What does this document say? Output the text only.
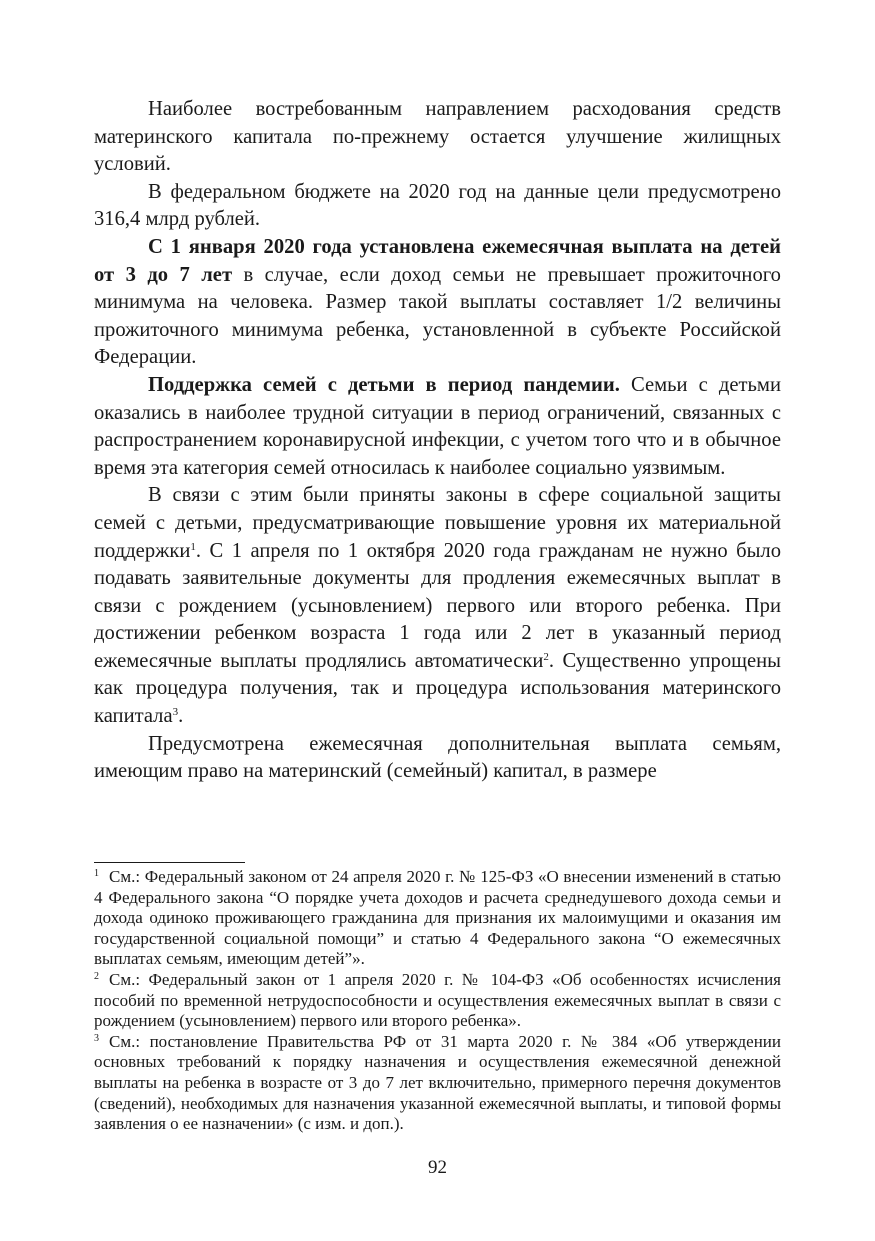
Наиболее востребованным направлением расходования средств материнского капитала по-прежнему остается улучшение жилищных условий.

В федеральном бюджете на 2020 год на данные цели предусмотрено 316,4 млрд рублей.

С 1 января 2020 года установлена ежемесячная выплата на детей от 3 до 7 лет в случае, если доход семьи не превышает прожиточного минимума на человека. Размер такой выплаты составляет 1/2 величины прожиточного минимума ребенка, установленной в субъекте Российской Федерации.

Поддержка семей с детьми в период пандемии. Семьи с детьми оказались в наиболее трудной ситуации в период ограничений, связанных с распространением коронавирусной инфекции, с учетом того что и в обычное время эта категория семей относилась к наиболее социально уязвимым.

В связи с этим были приняты законы в сфере социальной защиты семей с детьми, предусматривающие повышение уровня их материальной поддержки$^1$. С 1 апреля по 1 октября 2020 года гражданам не нужно было подавать заявительные документы для продления ежемесячных выплат в связи с рождением (усыновлением) первого или второго ребенка. При достижении ребенком возраста 1 года или 2 лет в указанный период ежемесячные выплаты продлялись автоматически$^2$. Существенно упрощены как процедура получения, так и процедура использования материнского капитала$^3$.

Предусмотрена ежемесячная дополнительная выплата семьям, имеющим право на материнский (семейный) капитал, в размере

$^1$ См.: Федеральный законом от 24 апреля 2020 г. № 125-ФЗ «О внесении изменений в статью 4 Федерального закона “О порядке учета доходов и расчета среднедушевого дохода семьи и дохода одиноко проживающего гражданина для признания их малоимущими и оказания им государственной социальной помощи” и статью 4 Федерального закона “О ежемесячных выплатах семьям, имеющим детей”».

$^2$ См.: Федеральный закон от 1 апреля 2020 г. № 104-ФЗ «Об особенностях исчисления пособий по временной нетрудоспособности и осуществления ежемесячных выплат в связи с рождением (усыновлением) первого или второго ребенка».

$^3$ См.: постановление Правительства РФ от 31 марта 2020 г. № 384 «Об утверждении основных требований к порядку назначения и осуществления ежемесячной денежной выплаты на ребенка в возрасте от 3 до 7 лет включительно, примерного перечня документов (сведений), необходимых для назначения указанной ежемесячной выплаты, и типовой формы заявления о ее назначении» (с изм. и доп.).

92
